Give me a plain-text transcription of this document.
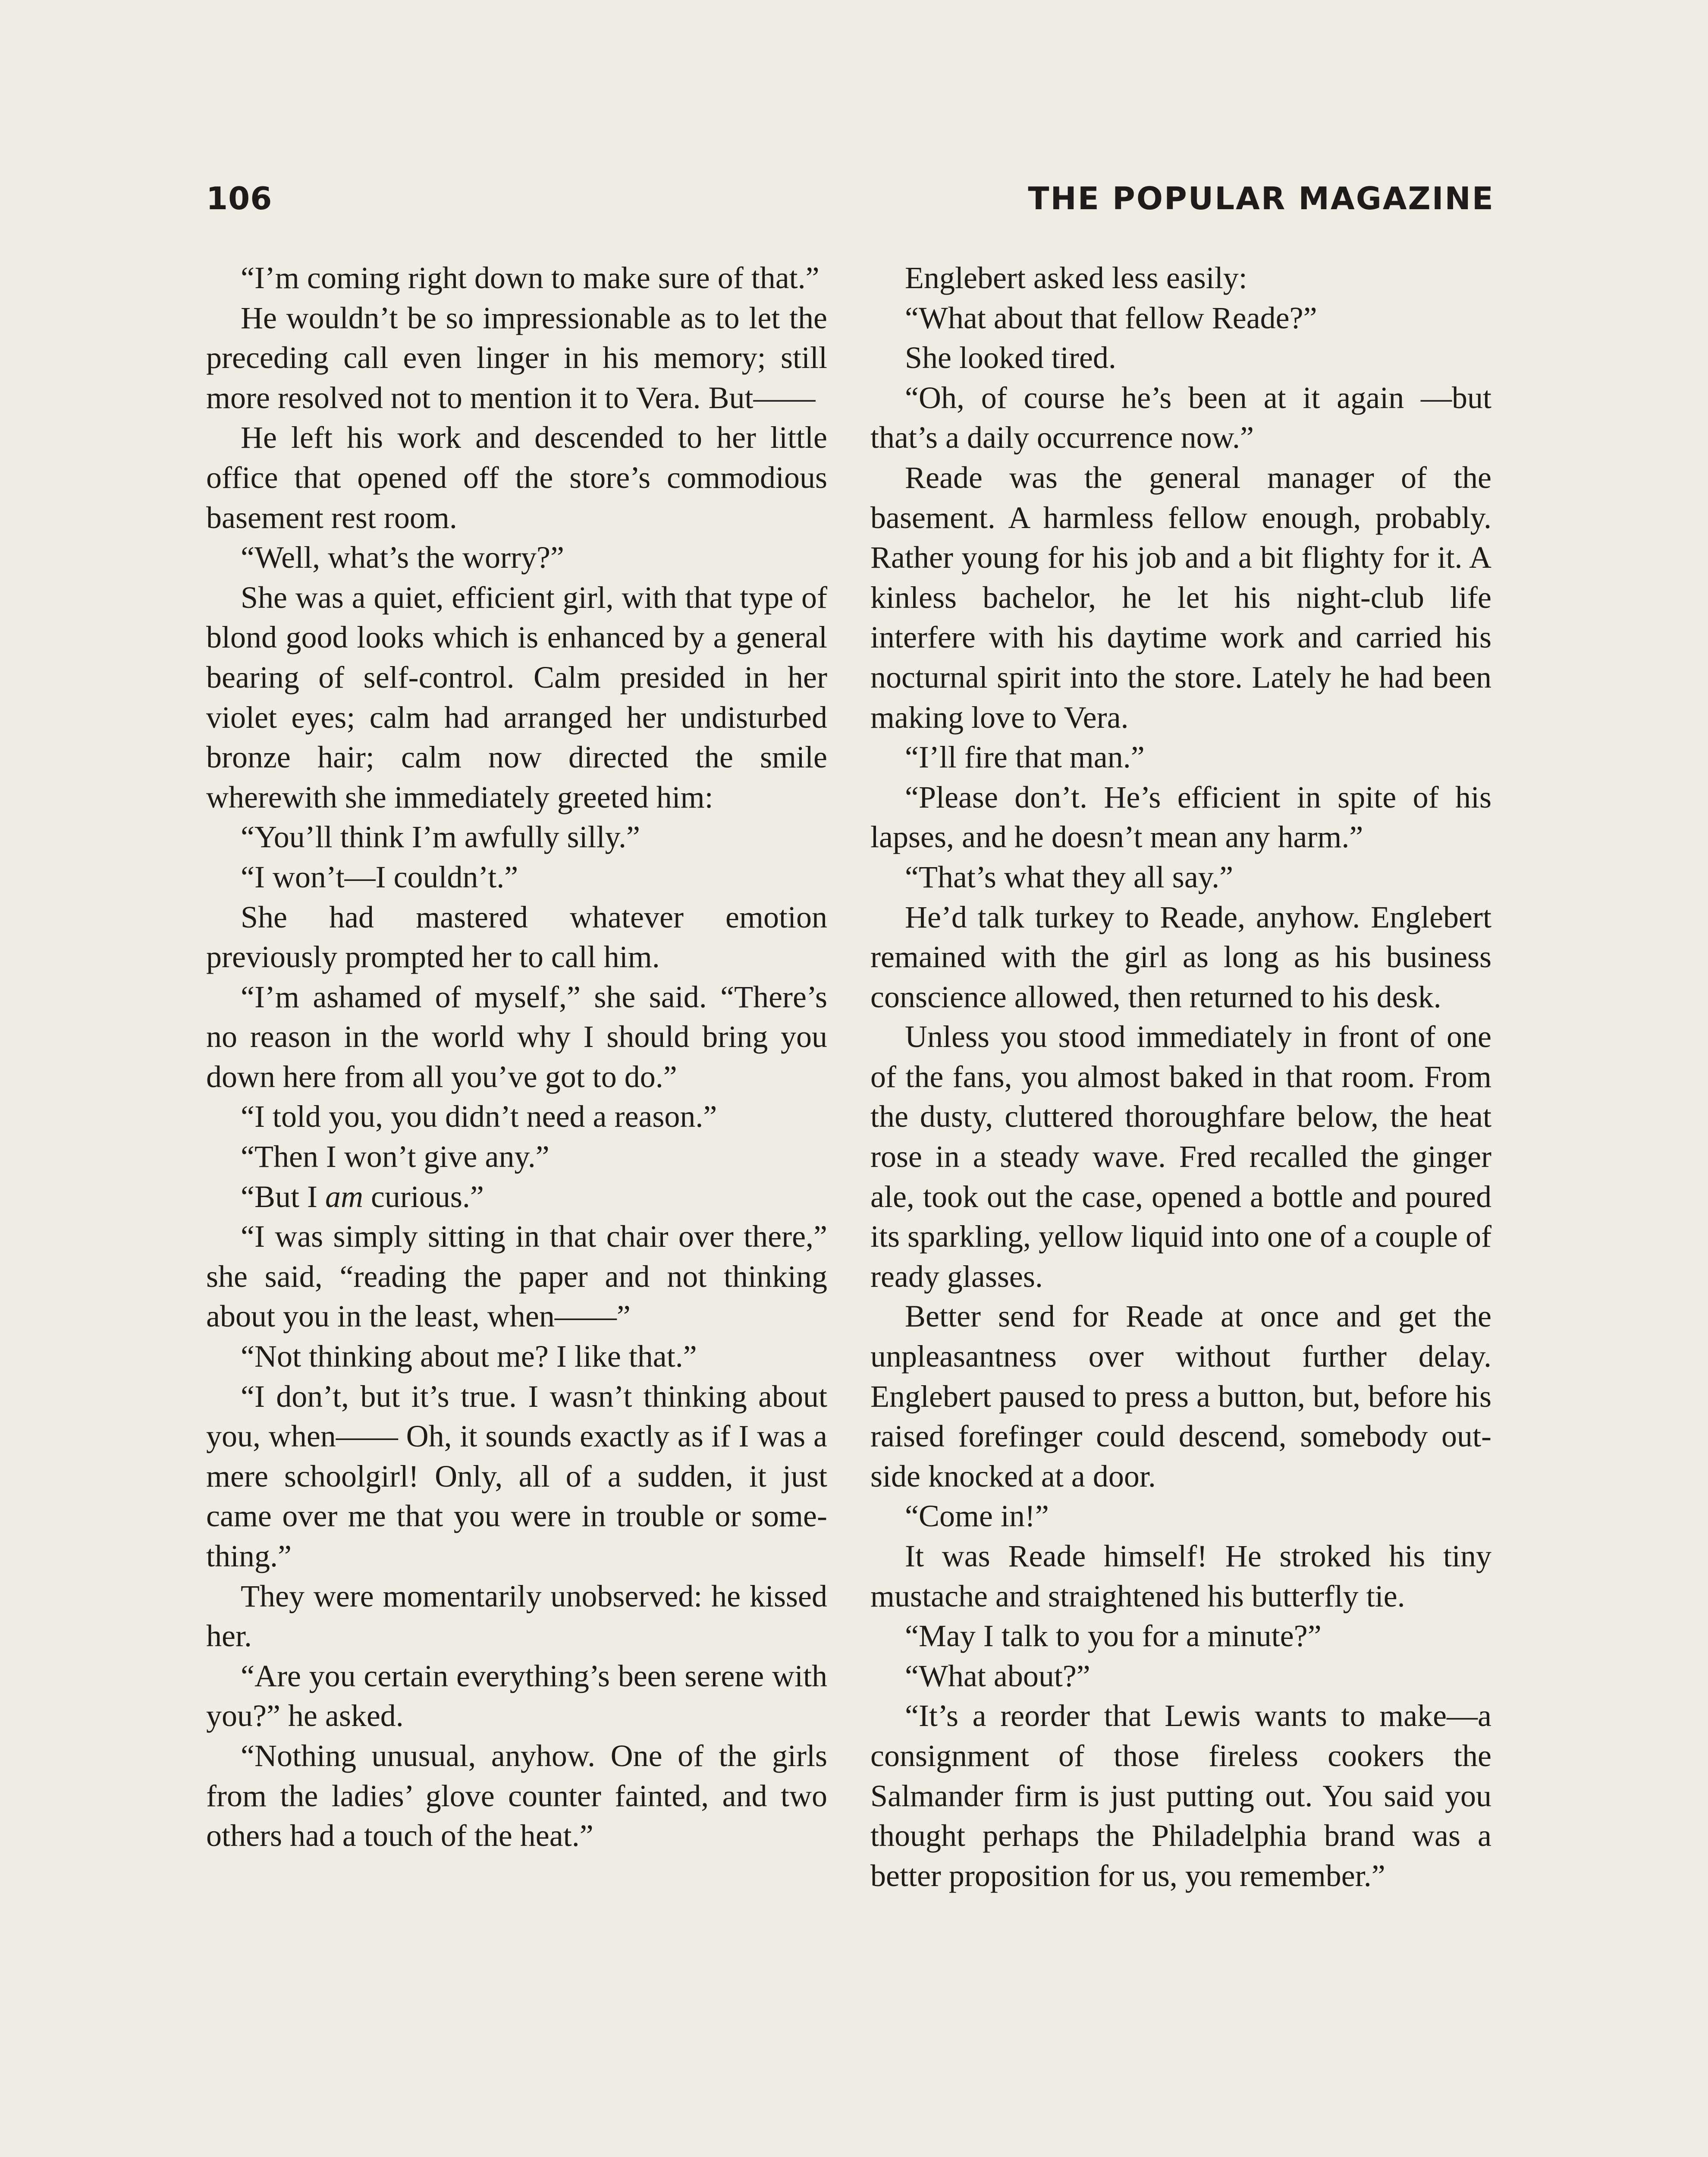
106	THE POPULAR MAGAZINE

“I’m coming right down to make sure of that.”

He wouldn’t be so impressionable as to let the preceding call even linger in his memory; still more resolved not to mention it to Vera. But——

He left his work and descended to her little office that opened off the store’s commodious basement rest room.

“Well, what’s the worry?”

She was a quiet, efficient girl, with that type of blond good looks which is enhanced by a general bearing of self-control. Calm presided in her violet eyes; calm had arranged her undisturbed bronze hair; calm now directed the smile wherewith she immediately greeted him:

“You’ll think I’m awfully silly.”

“I won’t—I couldn’t.”

She had mastered whatever emotion previously prompted her to call him.

“I’m ashamed of myself,” she said. “There’s no reason in the world why I should bring you down here from all you’ve got to do.”

“I told you, you didn’t need a reason.”

“Then I won’t give any.”

“But I am curious.”

“I was simply sitting in that chair over there,” she said, “reading the paper and not thinking about you in the least, when——”

“Not thinking about me? I like that.”

“I don’t, but it’s true. I wasn’t thinking about you, when—— Oh, it sounds exactly as if I was a mere schoolgirl! Only, all of a sudden, it just came over me that you were in trouble or something.”

They were momentarily unobserved: he kissed her.

“Are you certain everything’s been serene with you?” he asked.

“Nothing unusual, anyhow. One of the girls from the ladies’ glove counter fainted, and two others had a touch of the heat.”

Englebert asked less easily:

“What about that fellow Reade?”

She looked tired.

“Oh, of course he’s been at it again —but that’s a daily occurrence now.”

Reade was the general manager of the basement. A harmless fellow enough, probably. Rather young for his job and a bit flighty for it. A kinless bachelor, he let his night-club life interfere with his daytime work and carried his nocturnal spirit into the store. Lately he had been making love to Vera.

“I’ll fire that man.”

“Please don’t. He’s efficient in spite of his lapses, and he doesn’t mean any harm.”

“That’s what they all say.”

He’d talk turkey to Reade, anyhow. Englebert remained with the girl as long as his business conscience allowed, then returned to his desk.

Unless you stood immediately in front of one of the fans, you almost baked in that room. From the dusty, cluttered thoroughfare below, the heat rose in a steady wave. Fred recalled the ginger ale, took out the case, opened a bottle and poured its sparkling, yellow liquid into one of a couple of ready glasses.

Better send for Reade at once and get the unpleasantness over without further delay. Englebert paused to press a button, but, before his raised forefinger could descend, somebody outside knocked at a door.

“Come in!”

It was Reade himself! He stroked his tiny mustache and straightened his butterfly tie.

“May I talk to you for a minute?”

“What about?”

“It’s a reorder that Lewis wants to make—a consignment of those fireless cookers the Salmander firm is just putting out. You said you thought perhaps the Philadelphia brand was a better proposition for us, you remember.”
